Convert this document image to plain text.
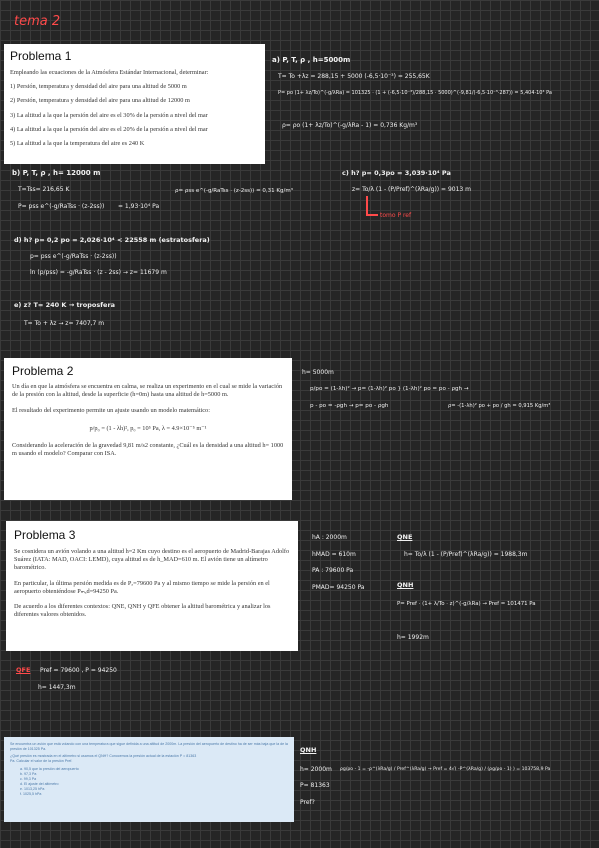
tema 2
Problema 1

Empleando las ecuaciones de la Atmósfera Estándar Internacional, determinar:

1) Persión, temperatura y densidad del aire para una altitud de 5000 m

2) Persión, temperatura y densidad del aire para una altitud de 12000 m

3) La altitud a la que la persión del aire es el 30% de la persión a nivel del mar

4) La altitud a la que la persión del aire es el 20% de la persión a nivel del mar

5) La altitud a la que la temperatura del aire es 240 K

a) P, T, ρ , h=5000m
T= To +λz = 288,15 + 5000 (-6,5·10⁻³) = 255,65K
P= po (1+ λz/To)^(-g/λRa) = 101325 · (1 + (-6,5·10⁻³)/288,15 · 5000)^(-9,81/(-6,5·10⁻³·287)) = 5,404·10⁴ Pa
ρ= ρo (1+ λz/To)^(-g/λRa - 1) = 0,736 Kg/m³
b) P, T, ρ , h= 12000 m
T=Tss= 216,65 K
P= pss e^(-g/RaTss · (z-2ss)) = 1,93·10⁴ Pa
ρ= ρss e^(-g/RaTss · (z-2ss)) = 0,31 Kg/m³
c) h? p= 0,3po = 3,039·10⁴ Pa
z= To/λ (1 - (P/Pref)^(λRa/g)) = 9013 m
tomo P ref
d) h? p= 0,2 po = 2,026·10⁴ < 22558 m (estratosfera)
p= pss e^(-g/RaTss · (z-2ss))
ln (p/pss) = -g/RaTss · (z - 2ss) → z= 11679 m
e) z? T= 240 K → troposfera
T= To + λz → z= 7407,7 m
Problema 2

Un día en que la atmósfera se encuentra en calma, se realiza un experimento en el cual se mide la variación de la presión con la altitud, desde la superficie (h=0m) hasta una altitud de h=5000 m.

El resultado del experimento permite un ajuste usando un modelo matemático:

p/p₀ = (1 - λh)², p₀ = 10⁵ Pa, λ = 4.9×10⁻⁵ m⁻¹

Considerando la aceleración de la gravedad 9,81 m/s2 constante, ¿Cuál es la densidad a una altitud h= 1000 m usando el modelo? Comparar con ISA.

h= 5000m
p/po = (1-λh)² → p= (1-λh)² po } (1-λh)² po = po - ρgh →
p - po = -ρgh → p= po - ρgh	ρ= -(1-λh)² po + po / gh = 0,915 Kg/m³
Problema 3

Se cosnidera un avión volando a una altitud h=2 Km cuyo destino es el aeropuerto de Madrid-Barajas Adolfo Suárez (IATA: MAD, OACI: LEMD), cuya altitud es de h_MAD=610 m. El avión tiene un altímetro barométrico.

En particular, la última persión medida es de Pₐ=79600 Pa y al mismo tiempo se mide la persión en el aeropuerto obteniéndose Pₘₐd=94250 Pa.

De acuerdo a los diferentes contextos: QNE, QNH y QFE obtener la altitud barométrica y analizar los diferentes valores obtenidos.

hA : 2000m
hMAD = 610m
PA : 79600 Pa
PMAD= 94250 Pa
QNE
h= To/λ (1 - (P/Pref)^(λRa/g)) = 1988,3m
QNH
P= Pref · (1+ λ/To · z)^(-g/λRa) → Pref = 101471 Pa
h= 1992m
QFE Pref = 79600 , P = 94250
h= 1447,3m
Se encuentra un avión que está volando con una temperatura que sigue definida a una altitud de 2000m. La presión del aeropuerto de destino ha de ser más baja que la de la
presión de 101325 Pa.
¿Qué presión es mostrada en el altímetro si usamos el QNH? Conocemos la presión actual de la estación P = 81363
Pa. Calcular el valor de la presión Pref.
a. 90,5 que la presión del aeropuerto
b. 97,3 Pa
c. 99,3 Pa
d. El ajuste del altímetro
e. 1013,25 hPa
f. 1025,5 hPa
QNH
h= 2000m
P= 81363
Pref?
ρg/ρo - 1 = -ρ^(λRa/g) / Pref^(λRa/g) → Pref = 4√( -P^(λRa/g) / (ρg/ρo - 1) ) = 103758,9 Pa
